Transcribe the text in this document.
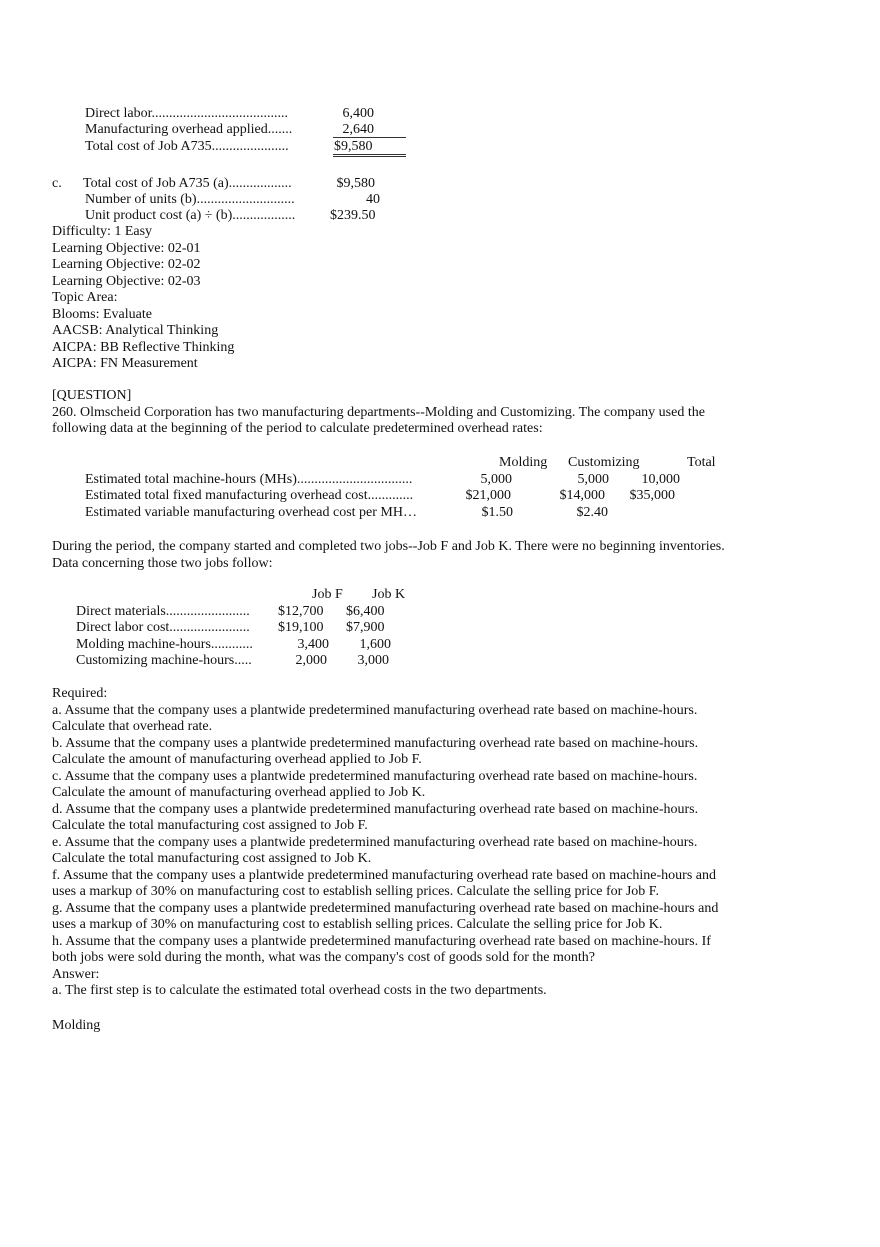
Direct labor.......................................	6,400
Manufacturing overhead applied.......	2,640
Total cost of Job A735......................	$9,580
c. Total cost of Job A735 (a)..................	$9,580
Number of units (b)............................	40
Unit product cost (a) ÷ (b).................. $239.50
Difficulty: 1 Easy
Learning Objective: 02-01
Learning Objective: 02-02
Learning Objective: 02-03
Topic Area:
Blooms: Evaluate
AACSB: Analytical Thinking
AICPA: BB Reflective Thinking
AICPA: FN Measurement
[QUESTION]
260. Olmscheid Corporation has two manufacturing departments--Molding and Customizing. The company used the
following data at the beginning of the period to calculate predetermined overhead rates:
Molding Customizing	Total
Estimated total machine-hours (MHs).................................	5,000	5,000	10,000
Estimated total fixed manufacturing overhead cost.............	$21,000	$14,000	$35,000
Estimated variable manufacturing overhead cost per MH…	$1.50	$2.40
During the period, the company started and completed two jobs--Job F and Job K. There were no beginning inventories.
Data concerning those two jobs follow:
Job F Job K
Direct materials........................ $12,700 $6,400
Direct labor cost....................... $19,100 $7,900
Molding machine-hours............	3,400	1,600
Customizing machine-hours.....	2,000	3,000
Required:
a. Assume that the company uses a plantwide predetermined manufacturing overhead rate based on machine-hours.
Calculate that overhead rate.
b. Assume that the company uses a plantwide predetermined manufacturing overhead rate based on machine-hours.
Calculate the amount of manufacturing overhead applied to Job F.
c. Assume that the company uses a plantwide predetermined manufacturing overhead rate based on machine-hours.
Calculate the amount of manufacturing overhead applied to Job K.
d. Assume that the company uses a plantwide predetermined manufacturing overhead rate based on machine-hours.
Calculate the total manufacturing cost assigned to Job F.
e. Assume that the company uses a plantwide predetermined manufacturing overhead rate based on machine-hours.
Calculate the total manufacturing cost assigned to Job K.
f. Assume that the company uses a plantwide predetermined manufacturing overhead rate based on machine-hours and
uses a markup of 30% on manufacturing cost to establish selling prices. Calculate the selling price for Job F.
g. Assume that the company uses a plantwide predetermined manufacturing overhead rate based on machine-hours and
uses a markup of 30% on manufacturing cost to establish selling prices. Calculate the selling price for Job K.
h. Assume that the company uses a plantwide predetermined manufacturing overhead rate based on machine-hours. If
both jobs were sold during the month, what was the company's cost of goods sold for the month?
Answer:
a. The first step is to calculate the estimated total overhead costs in the two departments.
Molding
